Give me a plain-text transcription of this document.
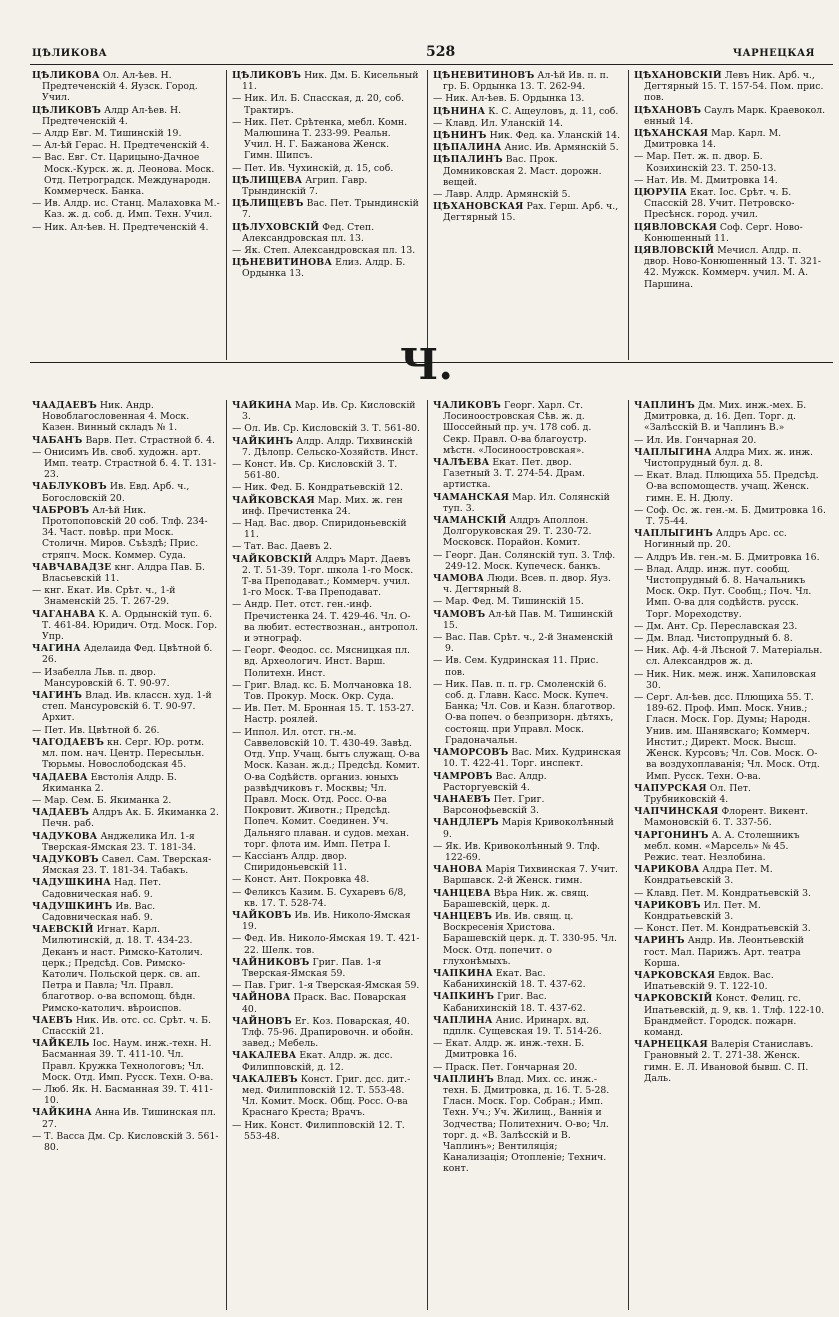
ЦѢЛИКОВА	528	ЧАРНЕЦКАЯ
ЦѢЛИКОВА Ол. Ал-ѣев. Н. Предтеченскій 4. Яузск. Город. Учил.
ЦѢЛИКОВЪ Алдр Ал-ѣев. Н. Предтеченскій 4.
— Алдр Евг. М. Тишинскій 19.
— Ал-ѣй Герас. Н. Предтеченскій 4.
— Вас. Евг. Ст. Царицыно-Дачное Моск.-Курск. ж. д. Леонова. Моск. Отд. Петроградск. Международн. Коммерческ. Банка.
— Ив. Алдр. ис. Станц. Малаховка М.-Каз. ж. д. соб. д. Имп. Техн. Учил.
— Ник. Ал-ѣев. Н. Предтеченскій 4.
ЦѢЛИКОВЪ Ник. Дм. Б. Кисельный 11.
— Ник. Ил. Б. Спасская, д. 20, соб. Трактиръ.
— Ник. Пет. Срѣтенка, мебл. Комн. Малюшина Т. 233-99. Реальн. Учил. Н. Г. Бажанова Женск. Гимн. Шипсъ.
— Пет. Ив. Чухинскій, д. 15, соб.
ЦѢЛИЩЕВА Агрип. Гавр. Трындинскій 7.
ЦѢЛИЩЕВЪ Вас. Пет. Трындинскій 7.
ЦѢЛУХОВСКІЙ Фед. Степ. Александровская пл. 13.
— Як. Степ. Александровская пл. 13.
ЦѢНЕВИТИНОВА Елиз. Алдр. Б. Ордынка 13.
ЦѢНЕВИТИНОВЪ Ал-ѣй Ив. п. п. гр. Б. Ордынка 13. Т. 262-94.
— Ник. Ал-ѣев. Б. Ордынка 13.
ЦѢНИНА К. С. Ащеуловъ, д. 11, соб.
— Клавд. Ил. Уланскій 14.
ЦѢНИНЪ Ник. Фед. ка. Уланскій 14.
ЦѢПАЛИНА Анис. Ив. Армянскій 5.
ЦѢПАЛИНЪ Вас. Прок. Домниковская 2. Маст. дорожн. вещей.
— Лавр. Алдр. Армянскій 5.
ЦѢХАНОВСКАЯ Рах. Герш. Арб. ч., Дегтярный 15.
ЦѢХАНОВСКІЙ Левъ Ник. Арб. ч., Дегтярный 15. Т. 157-54. Пом. прис. пов.
ЦѢХАНОВЪ Саулъ Марк. Краевокол. енный 14.
ЦѢХАНСКАЯ Мар. Карл. М. Дмитровка 14.
— Мар. Пет. ж. п. двор. Б. Козихинскій 23. Т. 250-13.
— Нат. Ив. М. Дмитровка 14.
ЦЮРУПА Екат. Іос. Срѣт. ч. Б. Спасскій 28. Учит. Петровско-Пресѣнск. город. учил.
ЦЯВЛОВСКАЯ Соф. Серг. Ново-Конюшенный 11.
ЦЯВЛОВСКІЙ Мечисл. Алдр. п. двор. Ново-Конюшенный 13. Т. 321-42. Мужск. Коммерч. учил. М. А. Паршина.
Ч.
ЧААДАЕВЪ Ник. Андр. Новоблагословенная 4. Моск. Казен. Винный складъ № 1.
ЧАБАНЪ Варв. Пет. Страстной б. 4.
— Онисимъ Ив. своб. художн. арт. Имп. театр. Страстной б. 4. Т. 131-23.
ЧАБЛУКОВЪ Ив. Евд. Арб. ч., Богословскій 20.
ЧАБРОВЪ Ал-ѣй Ник. Протопоповскій 20 соб. Тлф. 234-34. Част. повѣр. при Моск. Столичн. Миров. Съѣздѣ; Прис. стряпч. Моск. Коммер. Суда.
ЧАВЧАВАДЗЕ кнг. Алдра Пав. Б. Власьевскій 11.
— кнг. Екат. Ив. Срѣт. ч., 1-й Знаменскій 25. Т. 267-29.
ЧАГАНАВА К. А. Ордынскій туп. 6. Т. 461-84. Юридич. Отд. Моск. Гор. Упр.
ЧАГИНА Аделаида Фед. Цвѣтной б. 26.
— Изабелла Льв. п. двор. Мансуровскій 6. Т. 90-97.
ЧАГИНЪ Влад. Ив. классн. худ. 1-й степ. Мансуровскій 6. Т. 90-97. Архит.
— Пет. Ив. Цвѣтной б. 26.
ЧАГОДАЕВЪ кн. Серг. Юр. ротм. мл. пом. нач. Центр. Пересыльн. Тюрьмы. Новослободская 45.
ЧАДАЕВА Евстолія Алдр. Б. Якиманка 2.
— Мар. Сем. Б. Якиманка 2.
ЧАДАЕВЪ Алдръ Ак. Б. Якиманка 2. Печн. раб.
ЧАДУКОВА Анджелика Ил. 1-я Тверская-Ямская 23. Т. 181-34.
ЧАДУКОВЪ Савел. Сам. Тверская-Ямская 23. Т. 181-34. Табакъ.
ЧАДУШКИНА Над. Пет. Садовническая наб. 9.
ЧАДУШКИНЪ Ив. Вас. Садовническая наб. 9.
ЧАЕВСКІЙ Игнат. Карл. Милютинскій, д. 18. Т. 434-23. Деканъ и наст. Римско-Католич. церк.; Предсѣд. Сов. Римско-Католич. Польской церк. св. ап. Петра и Павла; Чл. Правл. благотвор. о-ва вспомощ. бѣдн. Римско-католич. вѣроиспов.
ЧАЕВЪ Ник. Ив. отс. сс. Срѣт. ч. Б. Спасскій 21.
ЧАЙКЕЛЬ Іос. Наум. инж.-техн. Н. Басманная 39. Т. 411-10. Чл. Правл. Кружка Технологовъ; Чл. Моск. Отд. Имп. Русск. Техн. О-ва.
— Люб. Як. Н. Басманная 39. Т. 411-10.
ЧАЙКИНА Анна Ив. Тишинская пл. 27.
— Т. Васса Дм. Ср. Кисловскій 3. 561-80.
ЧАЙКИНА Мар. Ив. Ср. Кисловскій 3.
— Ол. Ив. Ср. Кисловскій 3. Т. 561-80.
ЧАЙКИНЪ Алдр. Алдр. Тихвинскій 7. Дѣлопр. Сельско-Хозяйств. Инст.
— Конст. Ив. Ср. Кисловскій 3. Т. 561-80.
— Ник. Фед. Б. Кондратьевскій 12.
ЧАЙКОВСКАЯ Мар. Мих. ж. ген инф. Пречистенка 24.
— Над. Вас. двор. Спиридоньевскій 11.
— Тат. Вас. Даевъ 2.
ЧАЙКОВСКІЙ Алдръ Март. Даевъ 2. Т. 51-39. Торг. школа 1-го Моск. Т-ва Преподават.; Коммерч. учил. 1-го Моск. Т-ва Преподават.
— Андр. Пет. отст. ген.-инф. Пречистенка 24. Т. 429-46. Чл. О-ва любит. естествознан., антропол. и этнограф.
— Георг. Феодос. сс. Мясницкая пл. вд. Археологич. Инст. Варш. Политехн. Инст.
— Григ. Влад. кс. Б. Молчановка 18. Тов. Прокур. Моск. Окр. Суда.
— Ив. Пет. М. Бронная 15. Т. 153-27. Настр. роялей.
— Иппол. Ил. отст. гн.-м. Саввеловскій 10. Т. 430-49. Завѣд. Отд. Упр. Учащ. бытъ служащ. О-ва Моск. Казан. ж.д.; Предсѣд. Комит. О-ва Содѣйств. организ. юныхъ развѣдчиковъ г. Москвы; Чл. Правл. Моск. Отд. Росс. О-ва Покровит. Животн.; Предсѣд. Попеч. Комит. Соединен. Уч. Дальняго плаван. и судов. механ. торг. флота им. Имп. Петра I.
— Кассіанъ Алдр. двор. Спиридоньевскій 11.
— Конст. Ант. Покровка 48.
— Феликсъ Казим. Б. Сухаревъ 6/8, кв. 17. Т. 528-74.
ЧАЙКОВЪ Ив. Ив. Николо-Ямская 19.
— Фед. Ив. Николо-Ямская 19. Т. 421-22. Шелк. тов.
ЧАЙНИКОВЪ Григ. Пав. 1-я Тверская-Ямская 59.
— Пав. Григ. 1-я Тверская-Ямская 59.
ЧАЙНОВА Праск. Вас. Поварская 40.
ЧАЙНОВЪ Ег. Коз. Поварская, 40. Тлф. 75-96. Драпировочн. и обойн. завед.; Мебель.
ЧАКАЛЕВА Екат. Алдр. ж. дсс. Филипповскій, д. 12.
ЧАКАЛЕВЪ Конст. Григ. дсс. дит.-мед. Филипповскій 12. Т. 553-48. Чл. Комит. Моск. Общ. Росс. О-ва Краснаго Креста; Врачъ.
— Ник. Конст. Филипповскій 12. Т. 553-48.
ЧАЛИКОВЪ Георг. Харл. Ст. Лосиноостровская Сѣв. ж. д. Шоссейный пр. уч. 178 соб. д. Секр. Правл. О-ва благоустр. мѣстн. «Лосиноостровская».
ЧАЛѢЕВА Екат. Пет. двор. Газетный 3. Т. 274-54. Драм. артистка.
ЧАМАНСКАЯ Мар. Ил. Солянскій туп. 3.
ЧАМАНСКІЙ Алдръ Аполлон. Долгоруковская 29. Т. 230-72. Московск. Порайон. Комит.
— Георг. Дан. Солянскій туп. 3. Тлф. 249-12. Моск. Купеческ. банкъ.
ЧАМОВА Люди. Всев. п. двор. Яуз. ч. Дегтярный 8.
— Мар. Фед. М. Тишинскій 15.
ЧАМОВЪ Ал-ѣй Пав. М. Тишинскій 15.
— Вас. Пав. Срѣт. ч., 2-й Знаменскій 9.
— Ив. Сем. Кудринская 11. Прис. пов.
— Ник. Пав. п. п. гр. Смоленскій 6. соб. д. Главн. Касс. Моск. Купеч. Банка; Чл. Сов. и Казн. благотвор. О-ва попеч. о безпризорн. дѣтяхъ, состоящ. при Управл. Моск. Градоначальн.
ЧАМОРСОВЪ Вас. Мих. Кудринская 10. Т. 422-41. Торг. инспект.
ЧАМРОВЪ Вас. Алдр. Расторгуевскій 4.
ЧАНАЕВЪ Пет. Григ. Варсонофьевскій 3.
ЧАНДЛЕРЪ Марія Кривоколѣнный 9.
— Як. Ив. Кривоколѣнный 9. Тлф. 122-69.
ЧАНОВА Марія Тихвинская 7. Учит. Варшавск. 2-й Женск. гимн.
ЧАНЦЕВА Вѣра Ник. ж. свящ. Барашевскій, церк. д.
ЧАНЦЕВЪ Ив. Ив. свящ. ц. Воскресенія Христова. Барашевскій церк. д. Т. 330-95. Чл. Моск. Отд. попечит. о глухонѣмыхъ.
ЧАПКИНА Екат. Вас. Кабанихинскій 18. Т. 437-62.
ЧАПКИНЪ Григ. Вас. Кабанихинскій 18. Т. 437-62.
ЧАПЛИНА Анис. Иринарх. вд. пдплк. Сущевская 19. Т. 514-26.
— Екат. Алдр. ж. инж.-техн. Б. Дмитровка 16.
— Праск. Пет. Гончарная 20.
ЧАПЛИНЪ Влад. Мих. сс. инж.-техн. Б. Дмитровка, д. 16. Т. 5-28. Гласн. Моск. Гор. Собран.; Имп. Техн. Уч.; Уч. Жилищ., Ваннія и Зодчества; Политехнич. О-во; Чл. торг. д. «В. Залѣсскій и В. Чаплинъ»; Вентиляція; Канализація; Отопленіе; Технич. конт.
ЧАПЛИНЪ Дм. Мих. инж.-мех. Б. Дмитровка, д. 16. Деп. Торг. д. «Залѣсскій В. и Чаплинъ В.»
— Ил. Ив. Гончарная 20.
ЧАПЛЫГИНА Алдра Мих. ж. инж. Чистопрудный бул. д. 8.
— Екат. Влад. Плющиха 55. Предсѣд. О-ва вспомоществ. учащ. Женск. гимн. Е. Н. Дюлу.
— Соф. Ос. ж. ген.-м. Б. Дмитровка 16. Т. 75-44.
ЧАПЛЫГИНЪ Алдръ Арс. сс. Ногинный пр. 20.
— Алдръ Ив. ген.-м. Б. Дмитровка 16.
— Влад. Алдр. инж. пут. сообщ. Чистопрудный б. 8. Начальникъ Моск. Окр. Пут. Сообщ.; Поч. Чл. Имп. О-ва для содѣйств. русск. Торг. Мореходству.
— Дм. Ант. Ср. Переславская 23.
— Дм. Влад. Чистопрудный б. 8.
— Ник. Аф. 4-й Лѣсной 7. Матеріальн. сл. Александров ж. д.
— Ник. Ник. меж. инж. Хапиловская 30.
— Серг. Ал-ѣев. дсс. Плющиха 55. Т. 189-62. Проф. Имп. Моск. Унив.; Гласн. Моск. Гор. Думы; Народн. Унив. им. Шанявскаго; Коммерч. Инстит.; Директ. Моск. Высш. Женск. Курсовъ; Чл. Сов. Моск. О-ва воздухоплаванія; Чл. Моск. Отд. Имп. Русск. Техн. О-ва.
ЧАПУРСКАЯ Ол. Пет. Трубниковскій 4.
ЧАПЧИНСКАЯ Флорент. Викент. Мамоновскій 6. Т. 337-56.
ЧАРГОНИНЪ А. А. Столешникъ мебл. комн. «Марсель» № 45. Режис. теат. Незлобина.
ЧАРИКОВА Алдра Пет. М. Кондратьевскій 3.
— Клавд. Пет. М. Кондратьевскій 3.
ЧАРИКОВЪ Ил. Пет. М. Кондратьевскій 3.
— Конст. Пет. М. Кондратьевскій 3.
ЧАРИНЪ Андр. Ив. Леонтьевскій гост. Мал. Парижъ. Арт. театра Корша.
ЧАРКОВСКАЯ Евдок. Вас. Ипатьевскій 9. Т. 122-10.
ЧАРКОВСКІЙ Конст. Фелиц. гс. Ипатьевскій, д. 9, кв. 1. Тлф. 122-10. Брандмейст. Городск. пожарн. команд.
ЧАРНЕЦКАЯ Валерія Станиславъ. Грановный 2. Т. 271-38. Женск. гимн. Е. Л. Ивановой бывш. С. П. Даль.
